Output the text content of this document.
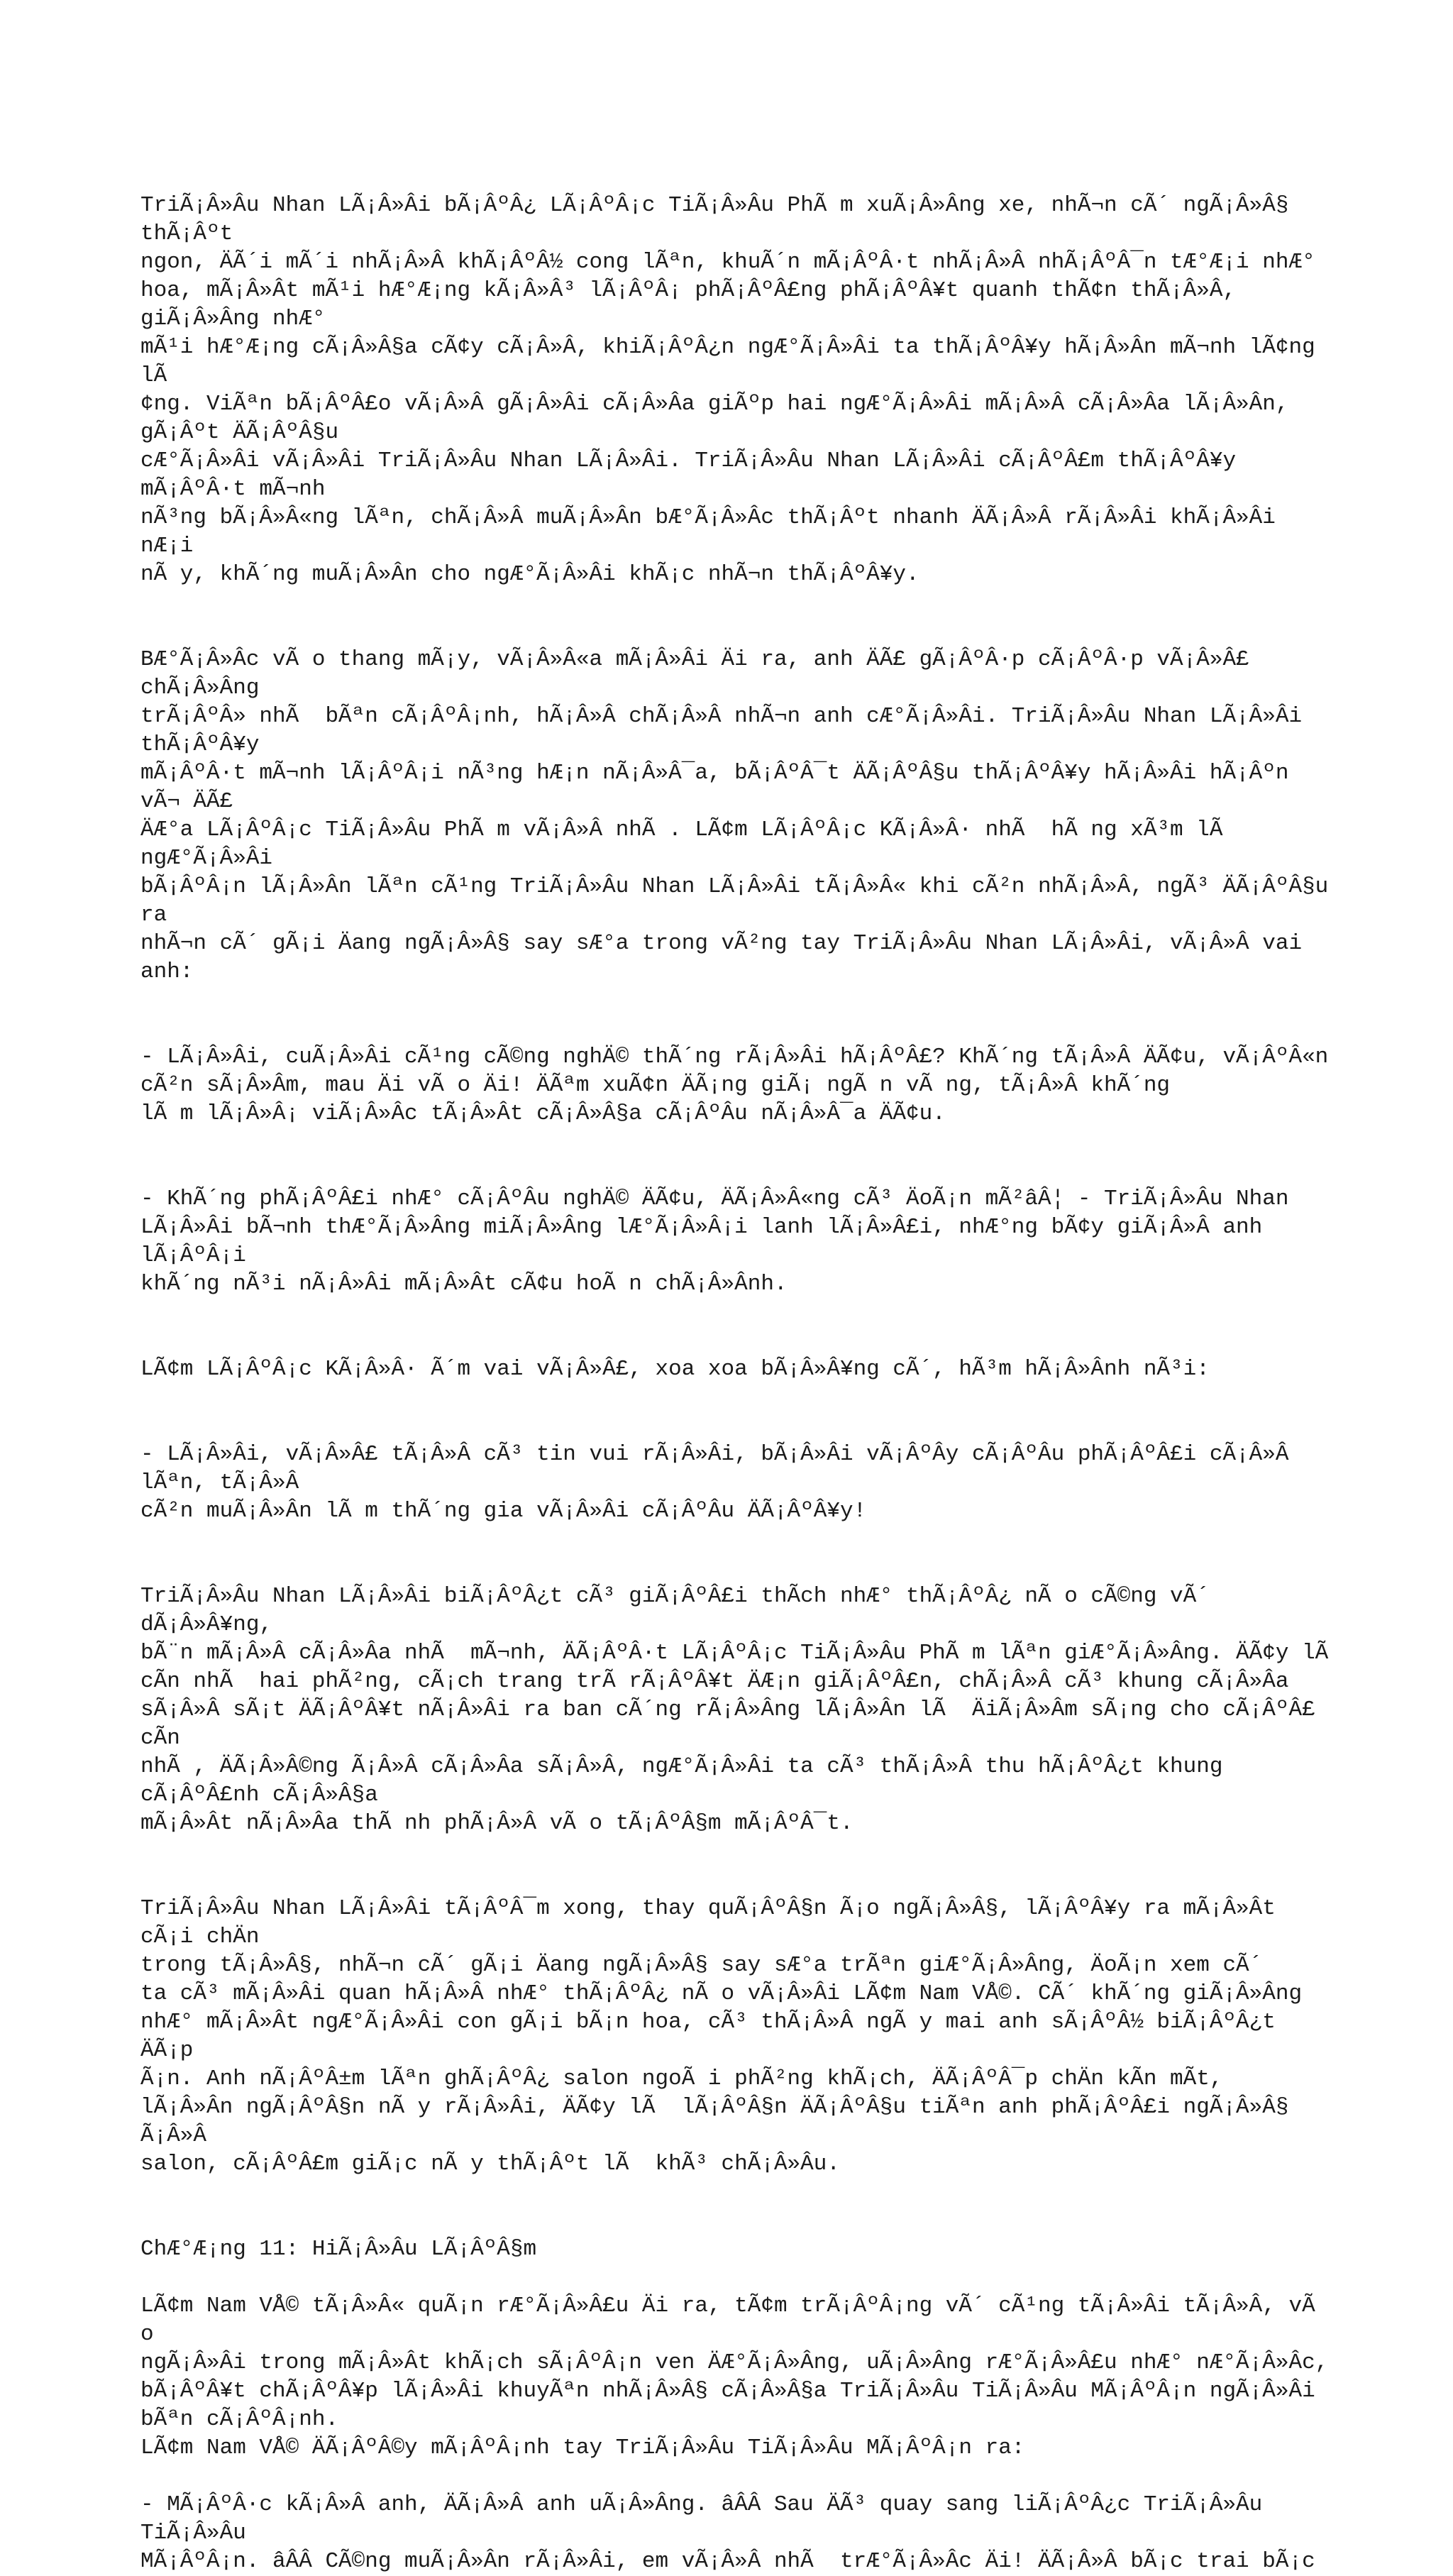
TriÃ¡Â»Âu Nhan LÃ¡Â»Âi bÃ¡ÂºÂ¿ LÃ¡ÂºÂ¡c TiÃ¡Â»Âu PhÃ m xuÃ¡Â»Âng xe, nhÃ¬n cÃ´ ngÃ¡Â»Â§ thÃ¡Âºt
ngon, ÄÃ´i mÃ´i nhÃ¡Â»Â khÃ¡ÂºÂ½ cong lÃªn, khuÃ´n mÃ¡ÂºÂ·t nhÃ¡Â»Â nhÃ¡ÂºÂ¯n tÆ°Æ¡i nhÆ°
hoa, mÃ¡Â»Ât mÃ¹i hÆ°Æ¡ng kÃ¡Â»Â³ lÃ¡ÂºÂ¡ phÃ¡ÂºÂ£ng phÃ¡ÂºÂ¥t quanh thÃ¢n thÃ¡Â»Â, giÃ¡Â»Âng nhÆ°
mÃ¹i hÆ°Æ¡ng cÃ¡Â»Â§a cÃ¢y cÃ¡Â»Â, khiÃ¡ÂºÂ¿n ngÆ°Ã¡Â»Âi ta thÃ¡ÂºÂ¥y hÃ¡Â»Ân mÃ¬nh lÃ¢ng lÃ
¢ng. ViÃªn bÃ¡ÂºÂ£o vÃ¡Â»Â gÃ¡Â»Âi cÃ¡Â»Âa giÃºp hai ngÆ°Ã¡Â»Âi mÃ¡Â»Â cÃ¡Â»Âa lÃ¡Â»Ân, gÃ¡Âºt ÄÃ¡ÂºÂ§u
cÆ°Ã¡Â»Âi vÃ¡Â»Âi TriÃ¡Â»Âu Nhan LÃ¡Â»Âi. TriÃ¡Â»Âu Nhan LÃ¡Â»Âi cÃ¡ÂºÂ£m thÃ¡ÂºÂ¥y mÃ¡ÂºÂ·t mÃ¬nh
nÃ³ng bÃ¡Â»Â«ng lÃªn, chÃ¡Â»Â muÃ¡Â»Ân bÆ°Ã¡Â»Âc thÃ¡Âºt nhanh ÄÃ¡Â»Â rÃ¡Â»Âi khÃ¡Â»Âi nÆ¡i
nÃ y, khÃ´ng muÃ¡Â»Ân cho ngÆ°Ã¡Â»Âi khÃ¡c nhÃ¬n thÃ¡ÂºÂ¥y.

BÆ°Ã¡Â»Âc vÃ o thang mÃ¡y, vÃ¡Â»Â«a mÃ¡Â»Âi Äi ra, anh ÄÃ£ gÃ¡ÂºÂ·p cÃ¡ÂºÂ·p vÃ¡Â»Â£ chÃ¡Â»Âng
trÃ¡ÂºÂ» nhÃ  bÃªn cÃ¡ÂºÂ¡nh, hÃ¡Â»Â chÃ¡Â»Â nhÃ¬n anh cÆ°Ã¡Â»Âi. TriÃ¡Â»Âu Nhan LÃ¡Â»Âi thÃ¡ÂºÂ¥y
mÃ¡ÂºÂ·t mÃ¬nh lÃ¡ÂºÂ¡i nÃ³ng hÆ¡n nÃ¡Â»Â¯a, bÃ¡ÂºÂ¯t ÄÃ¡ÂºÂ§u thÃ¡ÂºÂ¥y hÃ¡Â»Âi hÃ¡Âºn vÃ¬ ÄÃ£
ÄÆ°a LÃ¡ÂºÂ¡c TiÃ¡Â»Âu PhÃ m vÃ¡Â»Â nhÃ . LÃ¢m LÃ¡ÂºÂ¡c KÃ¡Â»Â· nhÃ  hÃ ng xÃ³m lÃ  ngÆ°Ã¡Â»Âi
bÃ¡ÂºÂ¡n lÃ¡Â»Ân lÃªn cÃ¹ng TriÃ¡Â»Âu Nhan LÃ¡Â»Âi tÃ¡Â»Â« khi cÃ²n nhÃ¡Â»Â, ngÃ³ ÄÃ¡ÂºÂ§u ra
nhÃ¬n cÃ´ gÃ¡i Äang ngÃ¡Â»Â§ say sÆ°a trong vÃ²ng tay TriÃ¡Â»Âu Nhan LÃ¡Â»Âi, vÃ¡Â»Â vai
anh:

- LÃ¡Â»Âi, cuÃ¡Â»Âi cÃ¹ng cÃ©ng nghÄ© thÃ´ng rÃ¡Â»Âi hÃ¡ÂºÂ£? KhÃ´ng tÃ¡Â»Â ÄÃ¢u, vÃ¡ÂºÂ«n
cÃ²n sÃ¡Â»Âm, mau Äi vÃ o Äi! ÄÃªm xuÃ¢n ÄÃ¡ng giÃ¡ ngÃ n vÃ ng, tÃ¡Â»Â khÃ´ng
lÃ m lÃ¡Â»Â¡ viÃ¡Â»Âc tÃ¡Â»Ât cÃ¡Â»Â§a cÃ¡ÂºÂu nÃ¡Â»Â¯a ÄÃ¢u.

- KhÃ´ng phÃ¡ÂºÂ£i nhÆ° cÃ¡ÂºÂu nghÄ© ÄÃ¢u, ÄÃ¡Â»Â«ng cÃ³ ÄoÃ¡n mÃ²âÂ¦ - TriÃ¡Â»Âu Nhan
LÃ¡Â»Âi bÃ¬nh thÆ°Ã¡Â»Âng miÃ¡Â»Âng lÆ°Ã¡Â»Â¡i lanh lÃ¡Â»Â£i, nhÆ°ng bÃ¢y giÃ¡Â»Â anh lÃ¡ÂºÂ¡i
khÃ´ng nÃ³i nÃ¡Â»Âi mÃ¡Â»Ât cÃ¢u hoÃ n chÃ¡Â»Ânh.

LÃ¢m LÃ¡ÂºÂ¡c KÃ¡Â»Â· Ã´m vai vÃ¡Â»Â£, xoa xoa bÃ¡Â»Â¥ng cÃ´, hÃ³m hÃ¡Â»Ânh nÃ³i:

- LÃ¡Â»Âi, vÃ¡Â»Â£ tÃ¡Â»Â cÃ³ tin vui rÃ¡Â»Âi, bÃ¡Â»Âi vÃ¡ÂºÂy cÃ¡ÂºÂu phÃ¡ÂºÂ£i cÃ¡Â»Â lÃªn, tÃ¡Â»Â
cÃ²n muÃ¡Â»Ân lÃ m thÃ´ng gia vÃ¡Â»Âi cÃ¡ÂºÂu ÄÃ¡ÂºÂ¥y!

TriÃ¡Â»Âu Nhan LÃ¡Â»Âi biÃ¡ÂºÂ¿t cÃ³ giÃ¡ÂºÂ£i thÃch nhÆ° thÃ¡ÂºÂ¿ nÃ o cÃ©ng vÃ´ dÃ¡Â»Â¥ng,
bÃ¨n mÃ¡Â»Â cÃ¡Â»Âa nhÃ  mÃ¬nh, ÄÃ¡ÂºÂ·t LÃ¡ÂºÂ¡c TiÃ¡Â»Âu PhÃ m lÃªn giÆ°Ã¡Â»Âng. ÄÃ¢y lÃ
cÃn nhÃ  hai phÃ²ng, cÃ¡ch trang trÃ rÃ¡ÂºÂ¥t ÄÆ¡n giÃ¡ÂºÂ£n, chÃ¡Â»Â cÃ³ khung cÃ¡Â»Âa
sÃ¡Â»Â sÃ¡t ÄÃ¡ÂºÂ¥t nÃ¡Â»Âi ra ban cÃ´ng rÃ¡Â»Âng lÃ¡Â»Ân lÃ  ÄiÃ¡Â»Âm sÃ¡ng cho cÃ¡ÂºÂ£ cÃn
nhÃ , ÄÃ¡Â»Â©ng Ã¡Â»Â cÃ¡Â»Âa sÃ¡Â»Â, ngÆ°Ã¡Â»Âi ta cÃ³ thÃ¡Â»Â thu hÃ¡ÂºÂ¿t khung cÃ¡ÂºÂ£nh cÃ¡Â»Â§a
mÃ¡Â»Ât nÃ¡Â»Âa thÃ nh phÃ¡Â»Â vÃ o tÃ¡ÂºÂ§m mÃ¡ÂºÂ¯t.

TriÃ¡Â»Âu Nhan LÃ¡Â»Âi tÃ¡ÂºÂ¯m xong, thay quÃ¡ÂºÂ§n Ã¡o ngÃ¡Â»Â§, lÃ¡ÂºÂ¥y ra mÃ¡Â»Ât cÃ¡i chÄn
trong tÃ¡Â»Â§, nhÃ¬n cÃ´ gÃ¡i Äang ngÃ¡Â»Â§ say sÆ°a trÃªn giÆ°Ã¡Â»Âng, ÄoÃ¡n xem cÃ´
ta cÃ³ mÃ¡Â»Âi quan hÃ¡Â»Â nhÆ° thÃ¡ÂºÂ¿ nÃ o vÃ¡Â»Âi LÃ¢m Nam VÅ©. CÃ´ khÃ´ng giÃ¡Â»Âng
nhÆ° mÃ¡Â»Ât ngÆ°Ã¡Â»Âi con gÃ¡i bÃ¡n hoa, cÃ³ thÃ¡Â»Â ngÃ y mai anh sÃ¡ÂºÂ½ biÃ¡ÂºÂ¿t ÄÃ¡p
Ã¡n. Anh nÃ¡ÂºÂ±m lÃªn ghÃ¡ÂºÂ¿ salon ngoÃ i phÃ²ng khÃ¡ch, ÄÃ¡ÂºÂ¯p chÄn kÃn mÃt,
lÃ¡Â»Ân ngÃ¡ÂºÂ§n nÃ y rÃ¡Â»Âi, ÄÃ¢y lÃ  lÃ¡ÂºÂ§n ÄÃ¡ÂºÂ§u tiÃªn anh phÃ¡ÂºÂ£i ngÃ¡Â»Â§ Ã¡Â»Â
salon, cÃ¡ÂºÂ£m giÃ¡c nÃ y thÃ¡Âºt lÃ  khÃ³ chÃ¡Â»Âu.

ChÆ°Æ¡ng 11: HiÃ¡Â»Âu LÃ¡ÂºÂ§m

LÃ¢m Nam VÅ© tÃ¡Â»Â« quÃ¡n rÆ°Ã¡Â»Â£u Äi ra, tÃ¢m trÃ¡ÂºÂ¡ng vÃ´ cÃ¹ng tÃ¡Â»Âi tÃ¡Â»Â, vÃ o
ngÃ¡Â»Âi trong mÃ¡Â»Ât khÃ¡ch sÃ¡ÂºÂ¡n ven ÄÆ°Ã¡Â»Âng, uÃ¡Â»Âng rÆ°Ã¡Â»Â£u nhÆ° nÆ°Ã¡Â»Âc,
bÃ¡ÂºÂ¥t chÃ¡ÂºÂ¥p lÃ¡Â»Âi khuyÃªn nhÃ¡Â»Â§ cÃ¡Â»Â§a TriÃ¡Â»Âu TiÃ¡Â»Âu MÃ¡ÂºÂ¡n ngÃ¡Â»Âi bÃªn cÃ¡ÂºÂ¡nh.
LÃ¢m Nam VÅ© ÄÃ¡ÂºÂ©y mÃ¡ÂºÂ¡nh tay TriÃ¡Â»Âu TiÃ¡Â»Âu MÃ¡ÂºÂ¡n ra:

- MÃ¡ÂºÂ·c kÃ¡Â»Â anh, ÄÃ¡Â»Â anh uÃ¡Â»Âng. âÂÂ Sau ÄÃ³ quay sang liÃ¡ÂºÂ¿c TriÃ¡Â»Âu TiÃ¡Â»Âu
MÃ¡ÂºÂ¡n. âÂÂ CÃ©ng muÃ¡Â»Ân rÃ¡Â»Âi, em vÃ¡Â»Â nhÃ  trÆ°Ã¡Â»Âc Äi! ÄÃ¡Â»Â bÃ¡c trai bÃ¡c
